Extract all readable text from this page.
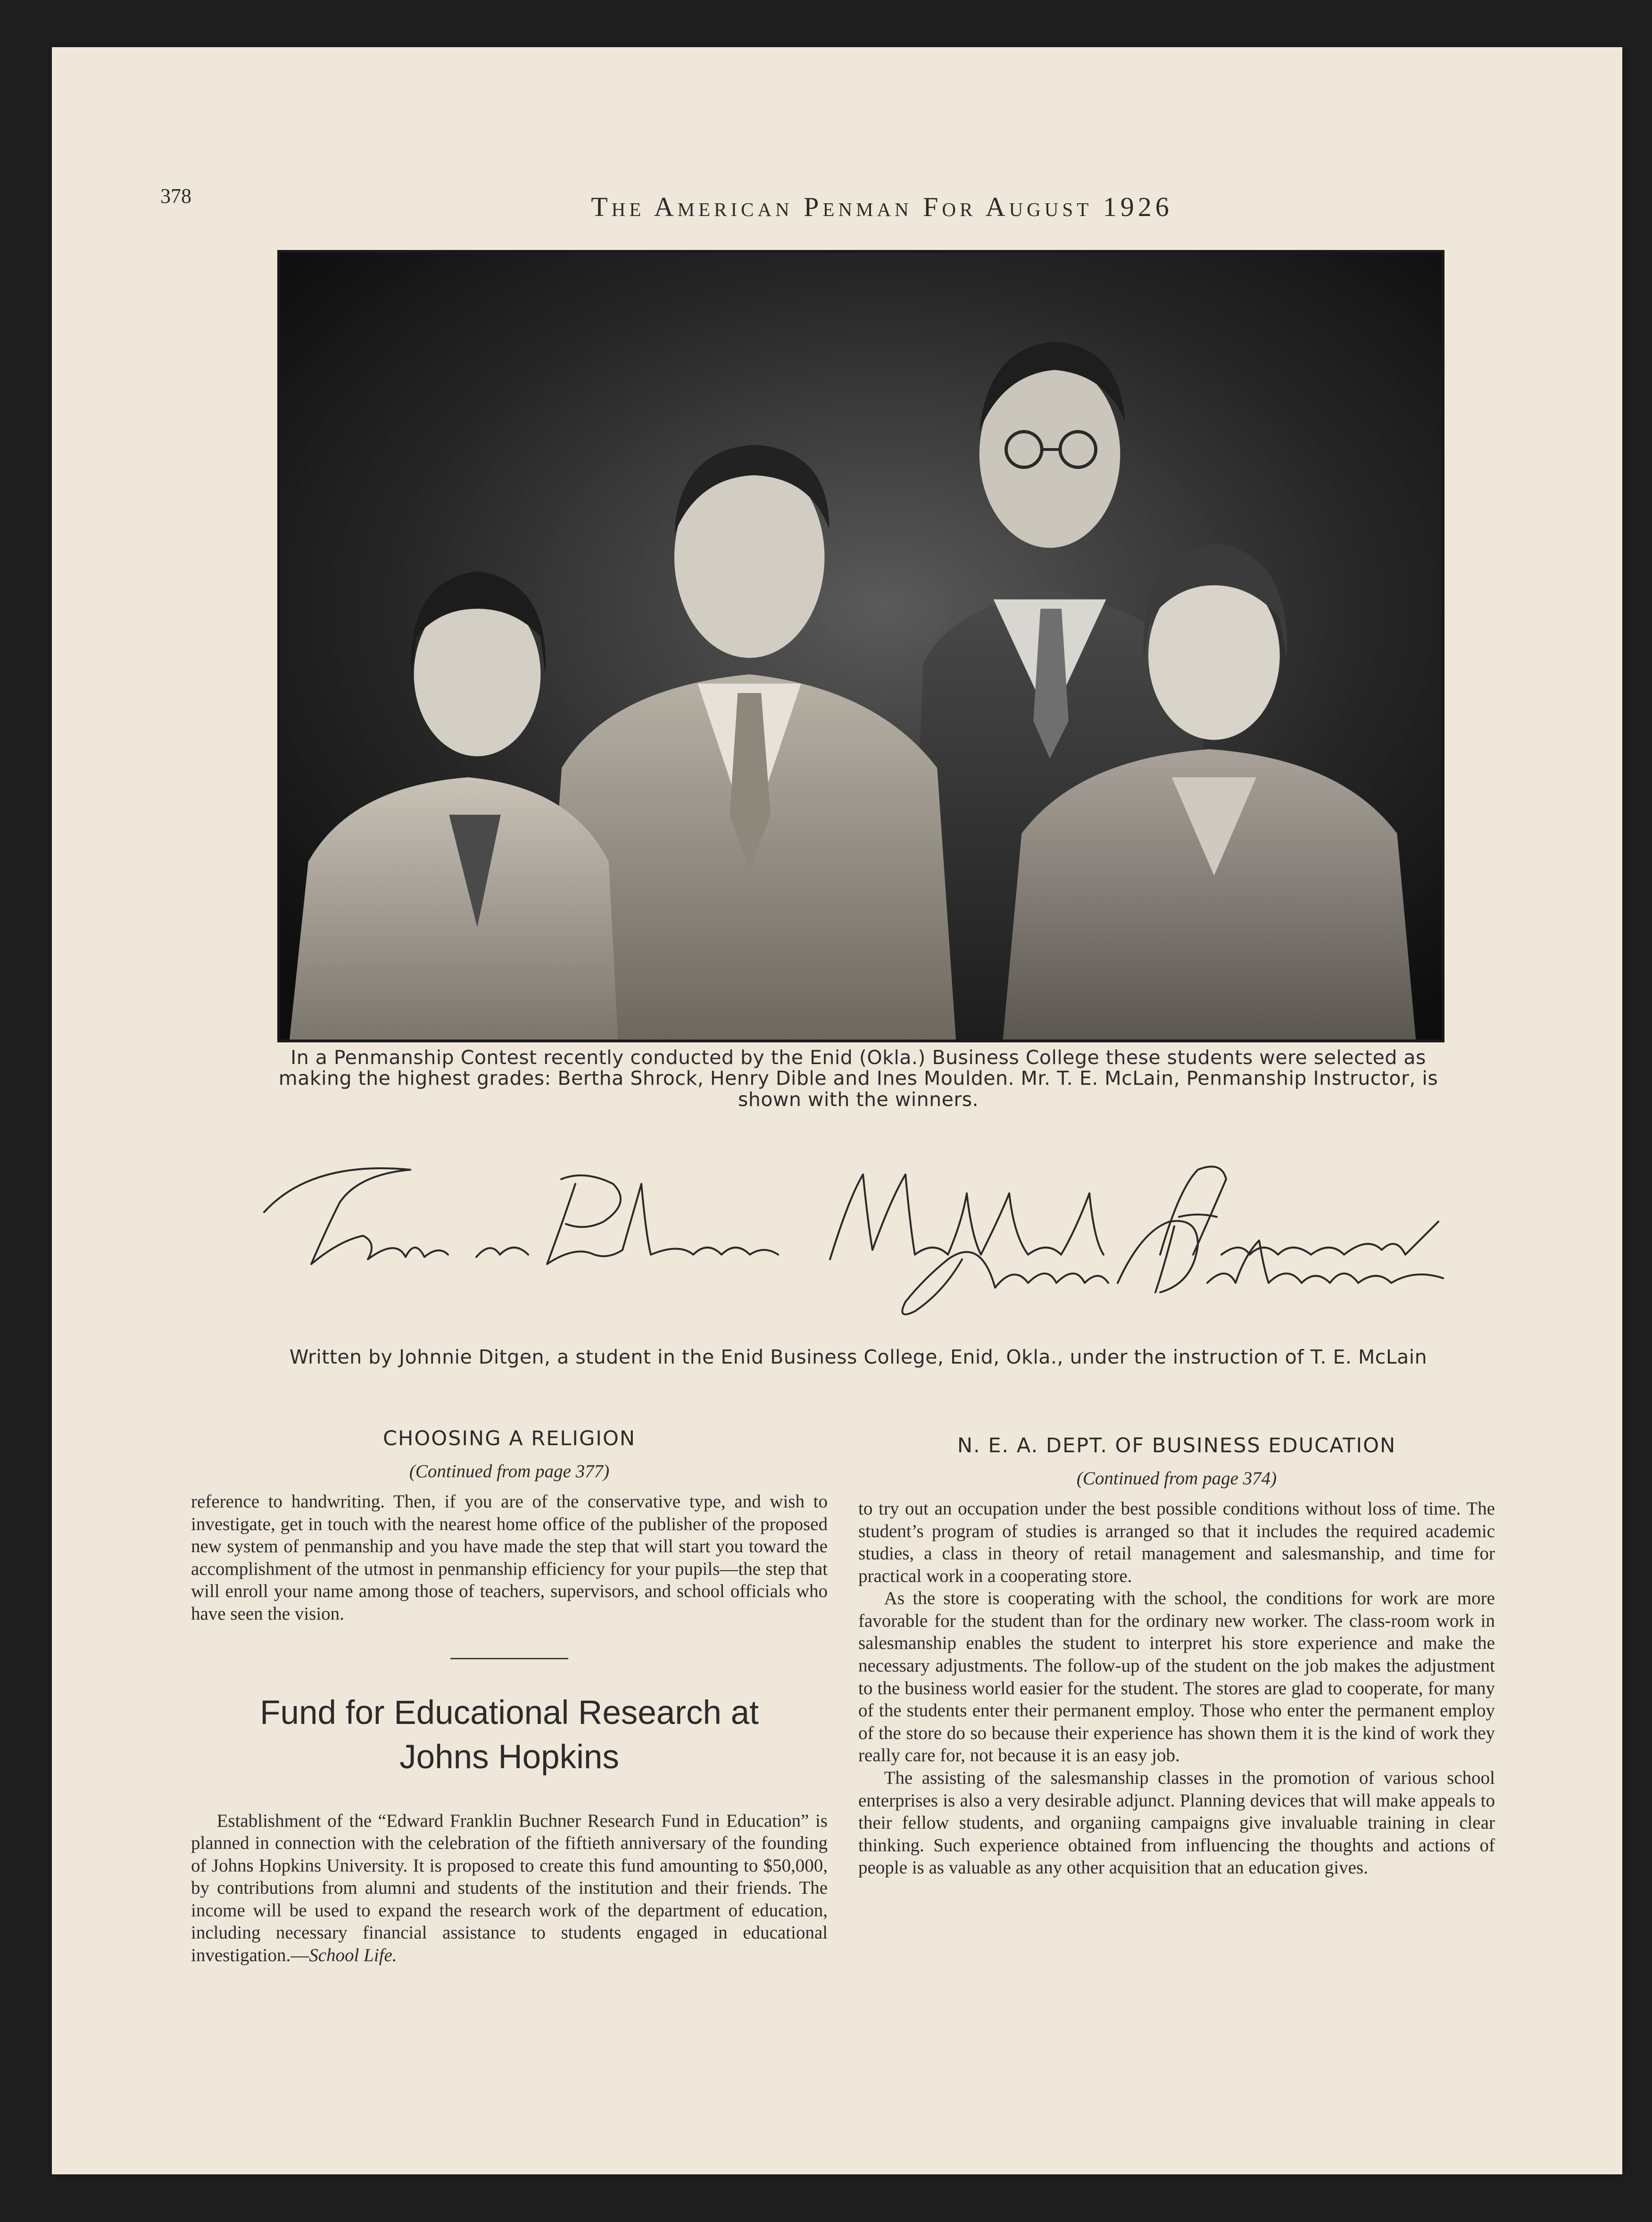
378	The American Penman For August 1926
In a Penmanship Contest recently conducted by the Enid (Okla.) Business College these students were selected as making the highest grades: Bertha Shrock, Henry Dible and Ines Moulden. Mr. T. E. McLain, Penmanship Instructor, is shown with the winners.
Written by Johnnie Ditgen, a student in the Enid Business College, Enid, Okla., under the instruction of T. E. McLain
CHOOSING A RELIGION
(Continued from page 377)

reference to handwriting. Then, if you are of the conservative type, and wish to investigate, get in touch with the nearest home office of the publisher of the proposed new system of penmanship and you have made the step that will start you toward the accomplishment of the utmost in penmanship efficiency for your pupils—the step that will enroll your name among those of teachers, supervisors, and school officials who have seen the vision.

Fund for Educational Research at
Johns Hopkins

Establishment of the “Edward Franklin Buchner Research Fund in Education” is planned in connection with the celebration of the fiftieth anniversary of the founding of Johns Hopkins University. It is proposed to create this fund amounting to $50,000, by contributions from alumni and students of the institution and their friends. The income will be used to expand the research work of the department of education, including necessary financial assistance to students engaged in educational investigation.—School Life.

N. E. A. DEPT. OF BUSINESS EDUCATION
(Continued from page 374)

to try out an occupation under the best possible conditions without loss of time. The student’s program of studies is arranged so that it includes the required academic studies, a class in theory of retail management and salesmanship, and time for practical work in a cooperating store.

As the store is cooperating with the school, the conditions for work are more favorable for the student than for the ordinary new worker. The class-room work in salesmanship enables the student to interpret his store experience and make the necessary adjustments. The follow-up of the student on the job makes the adjustment to the business world easier for the student. The stores are glad to cooperate, for many of the students enter their permanent employ. Those who enter the permanent employ of the store do so because their experience has shown them it is the kind of work they really care for, not because it is an easy job.

The assisting of the salesmanship classes in the promotion of various school enterprises is also a very desirable adjunct. Planning devices that will make appeals to their fellow students, and organiing campaigns give invaluable training in clear thinking. Such experience obtained from influencing the thoughts and actions of people is as valuable as any other acquisition that an education gives.
